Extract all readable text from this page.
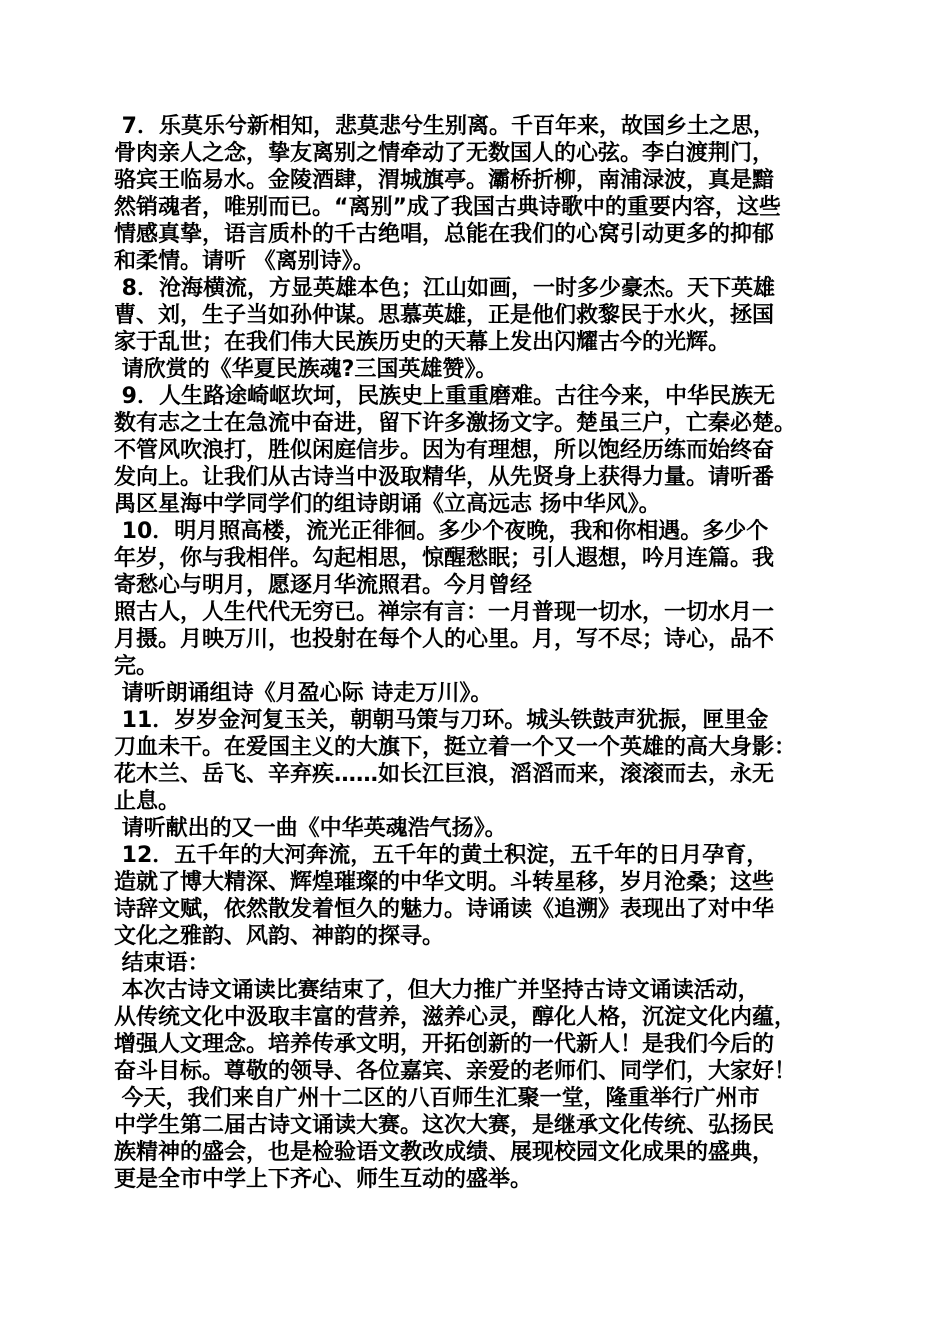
7．乐莫乐兮新相知，悲莫悲兮生别离。千百年来，故国乡土之思，
骨肉亲人之念，挚友离别之情牵动了无数国人的心弦。李白渡荆门，
骆宾王临易水。金陵酒肆，渭城旗亭。灞桥折柳，南浦渌波，真是黯
然销魂者，唯别而已。“离别”成了我国古典诗歌中的重要内容，这些
情感真挚，语言质朴的千古绝唱，总能在我们的心窝引动更多的抑郁
和柔情。请听 《离别诗》。
8．沧海横流，方显英雄本色；江山如画，一时多少豪杰。天下英雄
曹、刘，生子当如孙仲谋。思慕英雄，正是他们救黎民于水火，拯国
家于乱世；在我们伟大民族历史的天幕上发出闪耀古今的光辉。
请欣赏的《华夏民族魂?三国英雄赞》。
9．人生路途崎岖坎坷，民族史上重重磨难。古往今来，中华民族无
数有志之士在急流中奋进，留下许多激扬文字。楚虽三户，亡秦必楚。
不管风吹浪打，胜似闲庭信步。因为有理想，所以饱经历练而始终奋
发向上。让我们从古诗当中汲取精华，从先贤身上获得力量。请听番
禺区星海中学同学们的组诗朗诵《立高远志 扬中华风》。
10．明月照高楼，流光正徘徊。多少个夜晚，我和你相遇。多少个
年岁，你与我相伴。勾起相思，惊醒愁眠；引人遐想，吟月连篇。我
寄愁心与明月，愿逐月华流照君。今月曾经
照古人，人生代代无穷已。禅宗有言：一月普现一切水，一切水月一
月摄。月映万川，也投射在每个人的心里。月，写不尽；诗心，品不
完。
请听朗诵组诗《月盈心际 诗走万川》。
11．岁岁金河复玉关，朝朝马策与刀环。城头铁鼓声犹振，匣里金
刀血未干。在爱国主义的大旗下，挺立着一个又一个英雄的高大身影：
花木兰、岳飞、辛弃疾……如长江巨浪，滔滔而来，滚滚而去，永无
止息。
请听献出的又一曲《中华英魂浩气扬》。
12．五千年的大河奔流，五千年的黄土积淀，五千年的日月孕育，
造就了博大精深、辉煌璀璨的中华文明。斗转星移，岁月沧桑；这些
诗辞文赋，依然散发着恒久的魅力。诗诵读《追溯》表现出了对中华
文化之雅韵、风韵、神韵的探寻。
结束语：
本次古诗文诵读比赛结束了，但大力推广并坚持古诗文诵读活动，
从传统文化中汲取丰富的营养，滋养心灵，醇化人格，沉淀文化内蕴，
增强人文理念。培养传承文明，开拓创新的一代新人！是我们今后的
奋斗目标。尊敬的领导、各位嘉宾、亲爱的老师们、同学们，大家好！
今天，我们来自广州十二区的八百师生汇聚一堂，隆重举行广州市
中学生第二届古诗文诵读大赛。这次大赛，是继承文化传统、弘扬民
族精神的盛会，也是检验语文教改成绩、展现校园文化成果的盛典，
更是全市中学上下齐心、师生互动的盛举。
